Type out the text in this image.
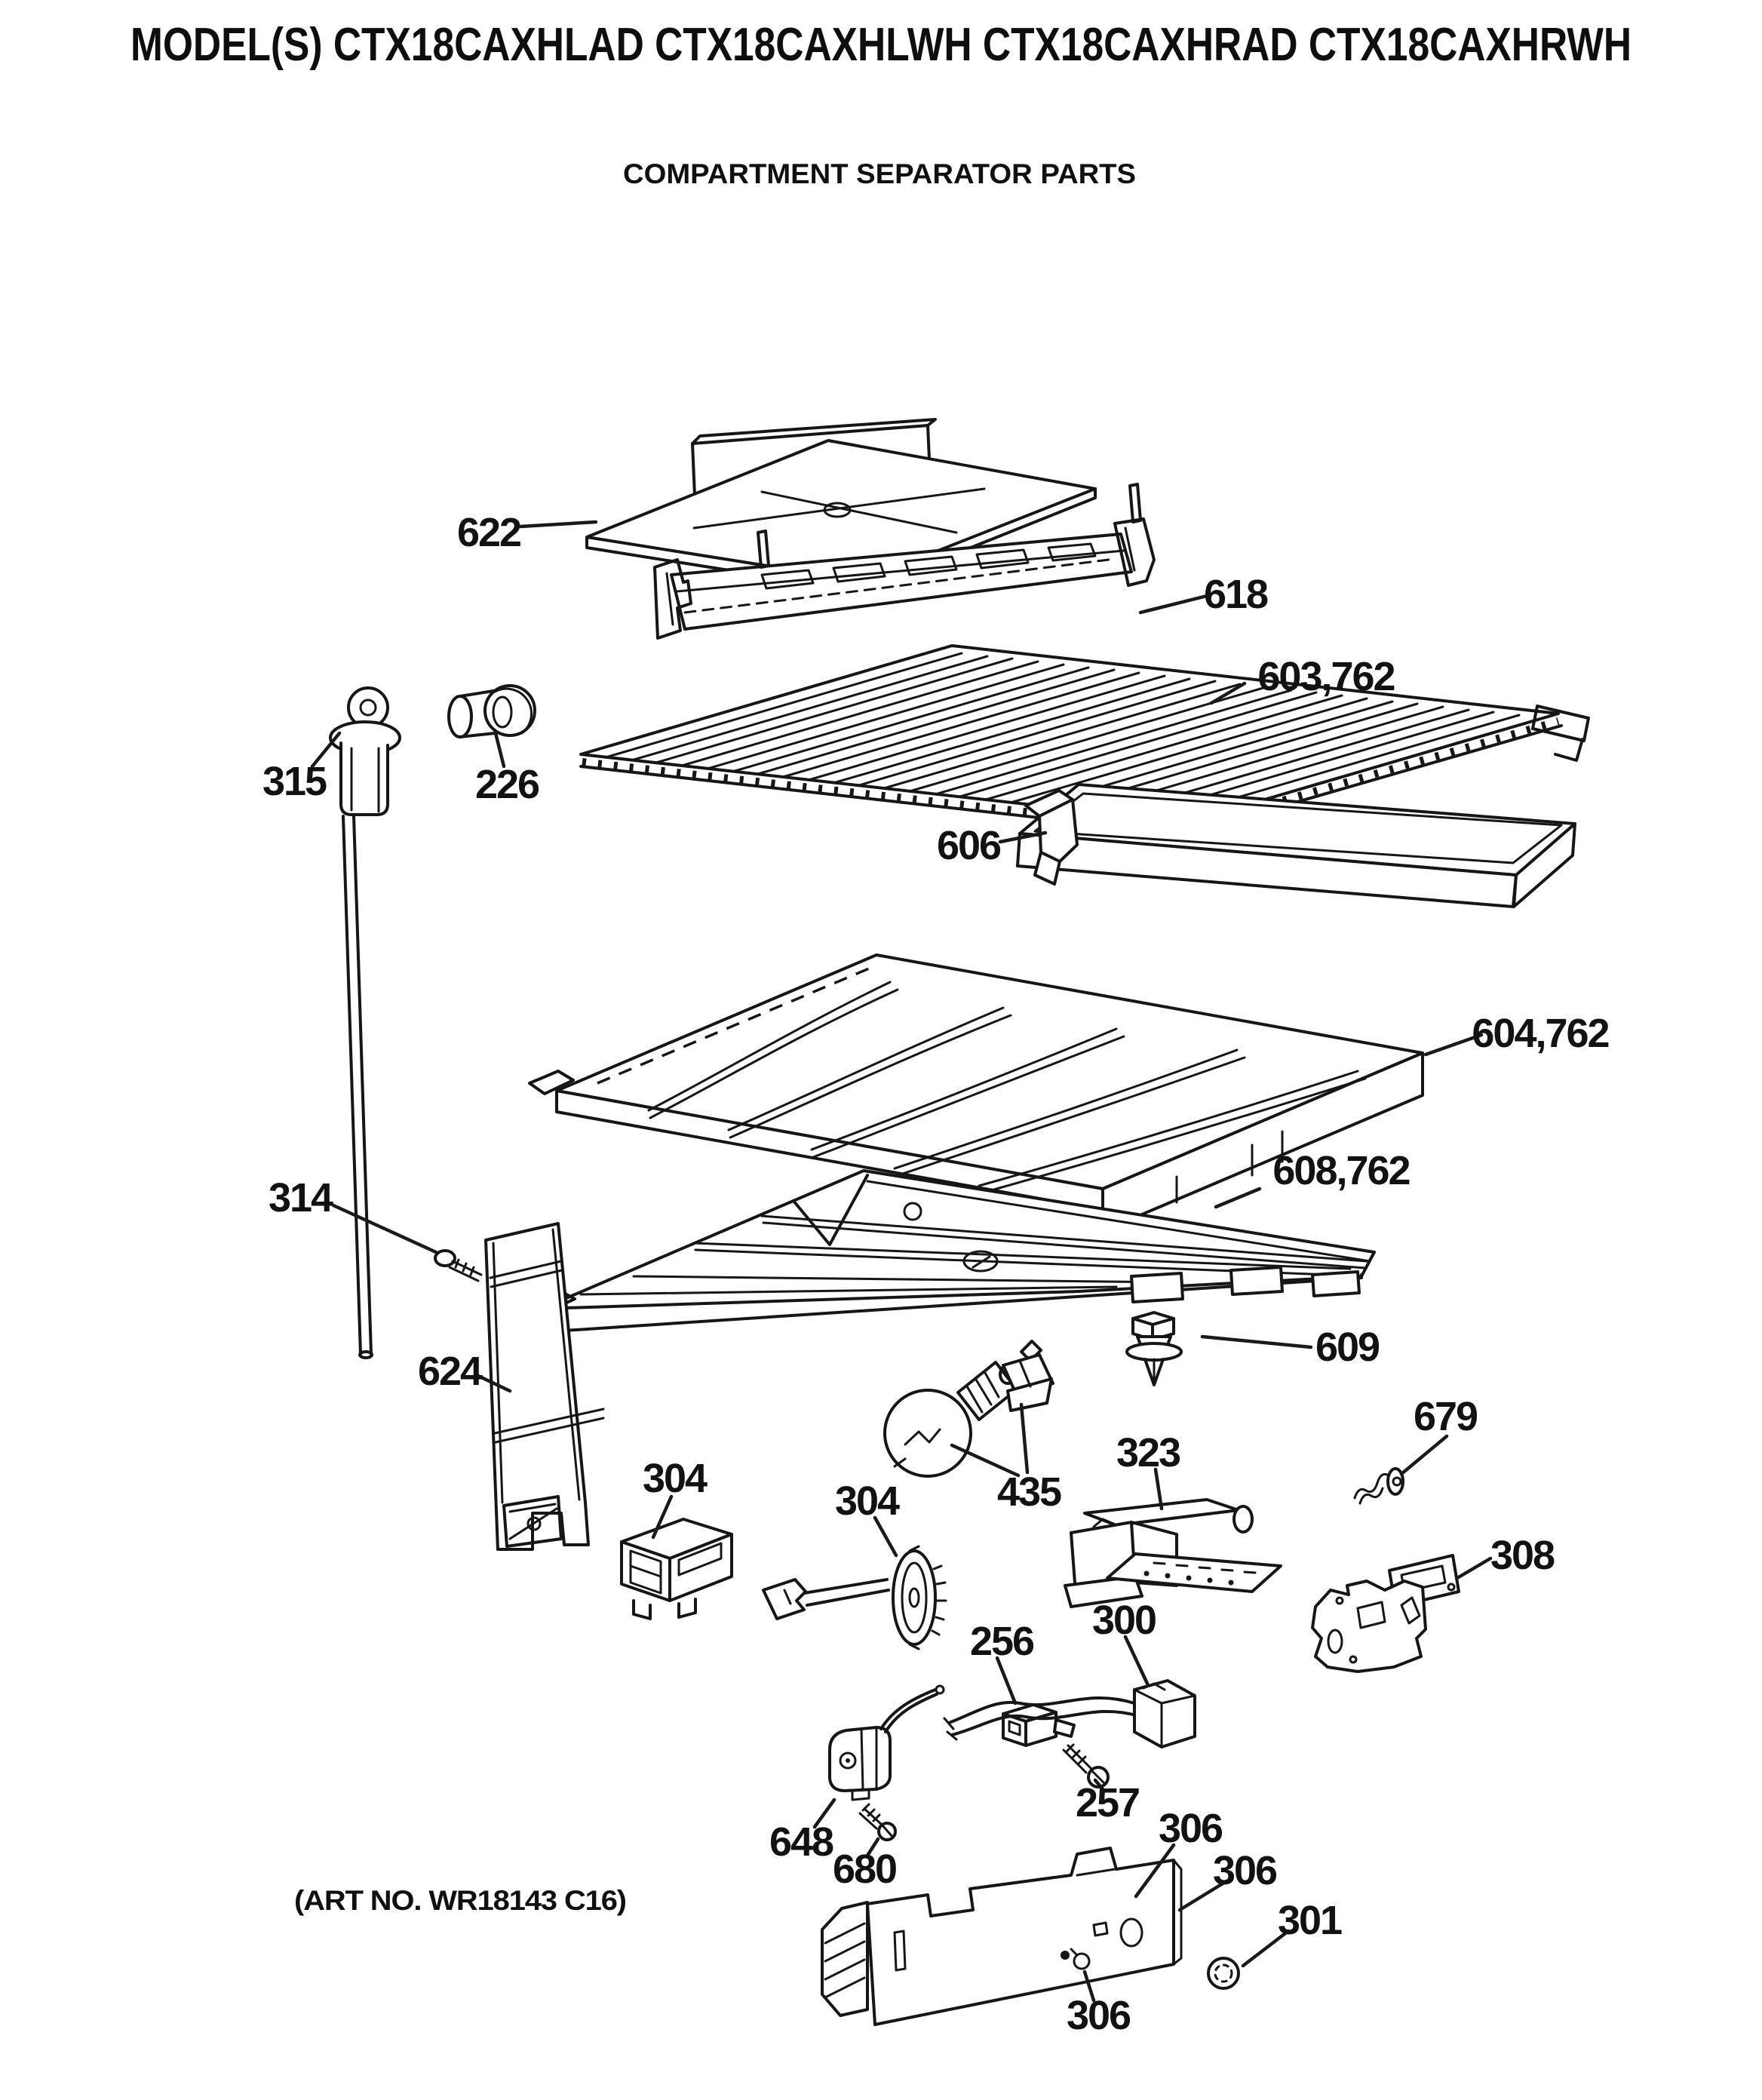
MODEL(S) CTX18CAXHLAD CTX18CAXHLWH CTX18CAXHRAD CTX18CAXHRWH
COMPARTMENT SEPARATOR PARTS
(ART NO. WR18143 C16)
622
618
603,762
315	226
606
604,762
314
608,762
609
624
435
323
679
304	304
308
256 300
257
648
680
306
306
306
301
